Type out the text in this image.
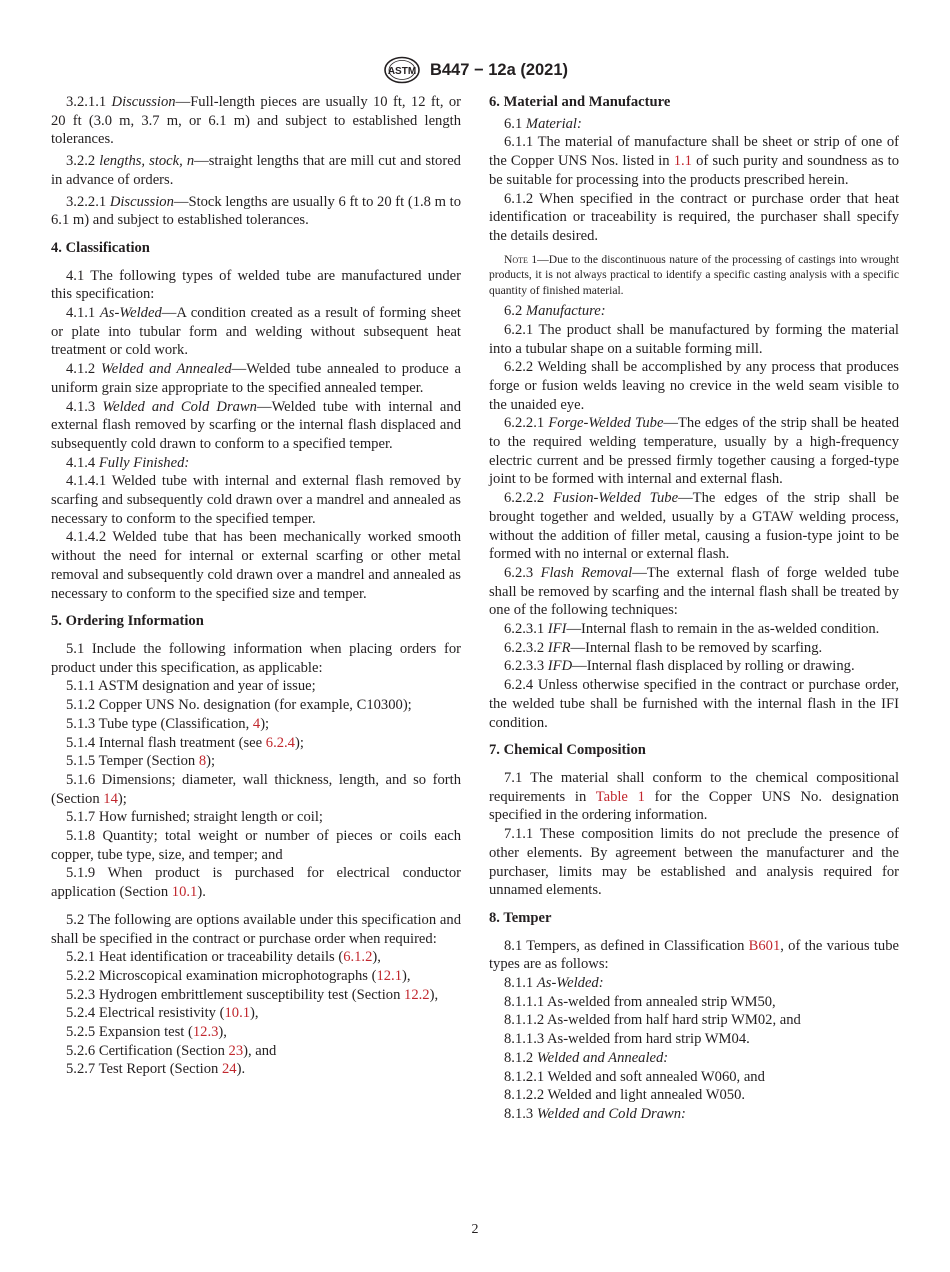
ASTM B447 − 12a (2021)

3.2.1.1 Discussion—Full-length pieces are usually 10 ft, 12 ft, or 20 ft (3.0 m, 3.7 m, or 6.1 m) and subject to established length tolerances.

3.2.2 lengths, stock, n—straight lengths that are mill cut and stored in advance of orders.

3.2.2.1 Discussion—Stock lengths are usually 6 ft to 20 ft (1.8 m to 6.1 m) and subject to established tolerances.

4. Classification

4.1 The following types of welded tube are manufactured under this specification:

4.1.1 As-Welded—A condition created as a result of forming sheet or plate into tubular form and welding without subsequent heat treatment or cold work.

4.1.2 Welded and Annealed—Welded tube annealed to produce a uniform grain size appropriate to the specified annealed temper.

4.1.3 Welded and Cold Drawn—Welded tube with internal and external flash removed by scarfing or the internal flash displaced and subsequently cold drawn to conform to a specified temper.

4.1.4 Fully Finished:

4.1.4.1 Welded tube with internal and external flash removed by scarfing and subsequently cold drawn over a mandrel and annealed as necessary to conform to the specified temper.

4.1.4.2 Welded tube that has been mechanically worked smooth without the need for internal or external scarfing or other metal removal and subsequently cold drawn over a mandrel and annealed as necessary to conform to the specified size and temper.

5. Ordering Information

5.1 Include the following information when placing orders for product under this specification, as applicable:

5.1.1 ASTM designation and year of issue;

5.1.2 Copper UNS No. designation (for example, C10300);

5.1.3 Tube type (Classification, 4);

5.1.4 Internal flash treatment (see 6.2.4);

5.1.5 Temper (Section 8);

5.1.6 Dimensions; diameter, wall thickness, length, and so forth (Section 14);

5.1.7 How furnished; straight length or coil;

5.1.8 Quantity; total weight or number of pieces or coils each copper, tube type, size, and temper; and

5.1.9 When product is purchased for electrical conductor application (Section 10.1).

5.2 The following are options available under this specification and shall be specified in the contract or purchase order when required:

5.2.1 Heat identification or traceability details (6.1.2),

5.2.2 Microscopical examination microphotographs (12.1),

5.2.3 Hydrogen embrittlement susceptibility test (Section 12.2),

5.2.4 Electrical resistivity (10.1),

5.2.5 Expansion test (12.3),

5.2.6 Certification (Section 23), and

5.2.7 Test Report (Section 24).

6. Material and Manufacture

6.1 Material:

6.1.1 The material of manufacture shall be sheet or strip of one of the Copper UNS Nos. listed in 1.1 of such purity and soundness as to be suitable for processing into the products prescribed herein.

6.1.2 When specified in the contract or purchase order that heat identification or traceability is required, the purchaser shall specify the details desired.

Note 1—Due to the discontinuous nature of the processing of castings into wrought products, it is not always practical to identify a specific casting analysis with a specific quantity of finished material.

6.2 Manufacture:

6.2.1 The product shall be manufactured by forming the material into a tubular shape on a suitable forming mill.

6.2.2 Welding shall be accomplished by any process that produces forge or fusion welds leaving no crevice in the weld seam visible to the unaided eye.

6.2.2.1 Forge-Welded Tube—The edges of the strip shall be heated to the required welding temperature, usually by a high-frequency electric current and be pressed firmly together causing a forged-type joint to be formed with internal and external flash.

6.2.2.2 Fusion-Welded Tube—The edges of the strip shall be brought together and welded, usually by a GTAW welding process, without the addition of filler metal, causing a fusion-type joint to be formed with no internal or external flash.

6.2.3 Flash Removal—The external flash of forge welded tube shall be removed by scarfing and the internal flash shall be treated by one of the following techniques:

6.2.3.1 IFI—Internal flash to remain in the as-welded condition.

6.2.3.2 IFR—Internal flash to be removed by scarfing.

6.2.3.3 IFD—Internal flash displaced by rolling or drawing.

6.2.4 Unless otherwise specified in the contract or purchase order, the welded tube shall be furnished with the internal flash in the IFI condition.

7. Chemical Composition

7.1 The material shall conform to the chemical compositional requirements in Table 1 for the Copper UNS No. designation specified in the ordering information.

7.1.1 These composition limits do not preclude the presence of other elements. By agreement between the manufacturer and the purchaser, limits may be established and analysis required for unnamed elements.

8. Temper

8.1 Tempers, as defined in Classification B601, of the various tube types are as follows:

8.1.1 As-Welded:

8.1.1.1 As-welded from annealed strip WM50,

8.1.1.2 As-welded from half hard strip WM02, and

8.1.1.3 As-welded from hard strip WM04.

8.1.2 Welded and Annealed:

8.1.2.1 Welded and soft annealed W060, and

8.1.2.2 Welded and light annealed W050.

8.1.3 Welded and Cold Drawn:

2
